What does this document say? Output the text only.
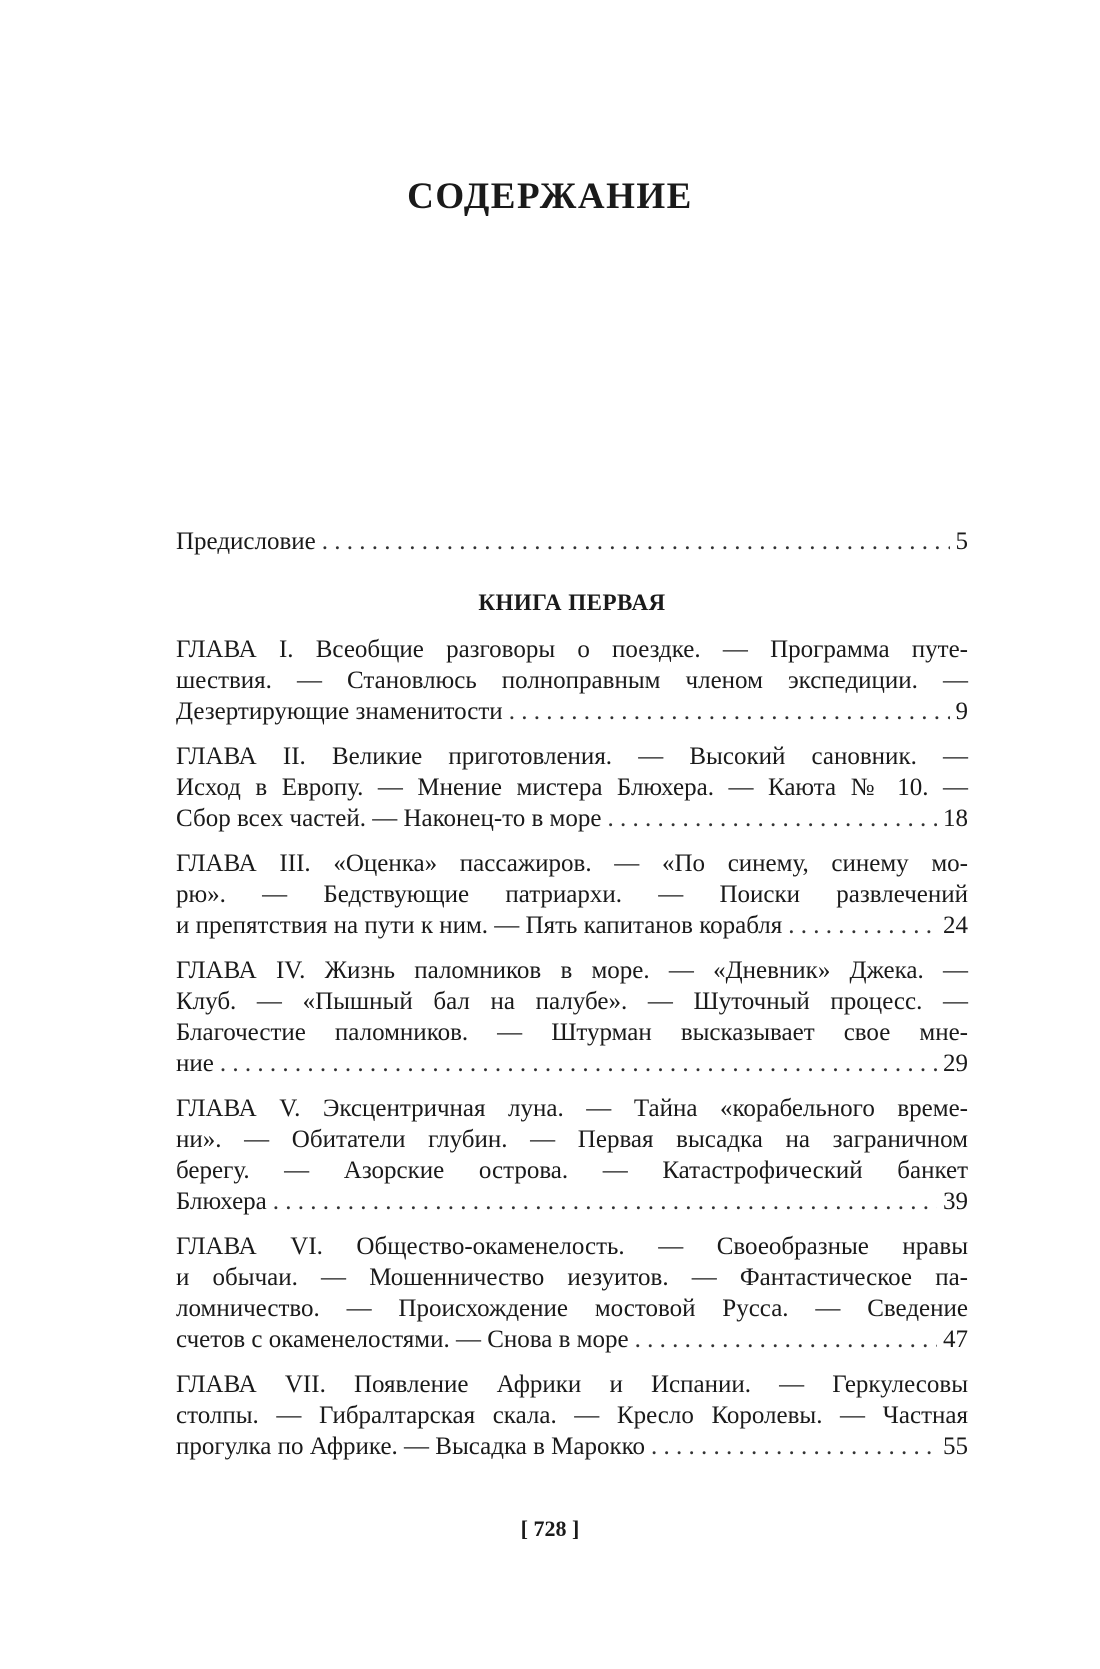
СОДЕРЖАНИЕ
Предисловие . . .	5
КНИГА ПЕРВАЯ
ГЛАВА I. Всеобщие разговоры о поездке. — Программа путе-
шествия. — Становлюсь полноправным членом экспедиции. —
Дезертирующие знаменитости . . .	9
ГЛАВА II. Великие приготовления. — Высокий сановник. —
Исход в Европу. — Мнение мистера Блюхера. — Каюта № 10. —
Сбор всех частей. — Наконец-то в море . . .	18
ГЛАВА III. «Оценка» пассажиров. — «По синему, синему мо-
рю». — Бедствующие патриархи. — Поиски развлечений
и препятствия на пути к ним. — Пять капитанов корабля . . .	24
ГЛАВА IV. Жизнь паломников в море. — «Дневник» Джека. —
Клуб. — «Пышный бал на палубе». — Шуточный процесс. —
Благочестие паломников. — Штурман высказывает свое мне-
ние . . .	29
ГЛАВА V. Эксцентричная луна. — Тайна «корабельного време-
ни». — Обитатели глубин. — Первая высадка на заграничном
берегу. — Азорские острова. — Катастрофический банкет
Блюхера . . .	39
ГЛАВА VI. Общество-окаменелость. — Своеобразные нравы
и обычаи. — Мошенничество иезуитов. — Фантастическое па-
ломничество. — Происхождение мостовой Русса. — Сведение
счетов с окаменелостями. — Снова в море . . .	47
ГЛАВА VII. Появление Африки и Испании. — Геркулесовы
столпы. — Гибралтарская скала. — Кресло Королевы. — Частная
прогулка по Африке. — Высадка в Марокко . . .	55
[ 728 ]
